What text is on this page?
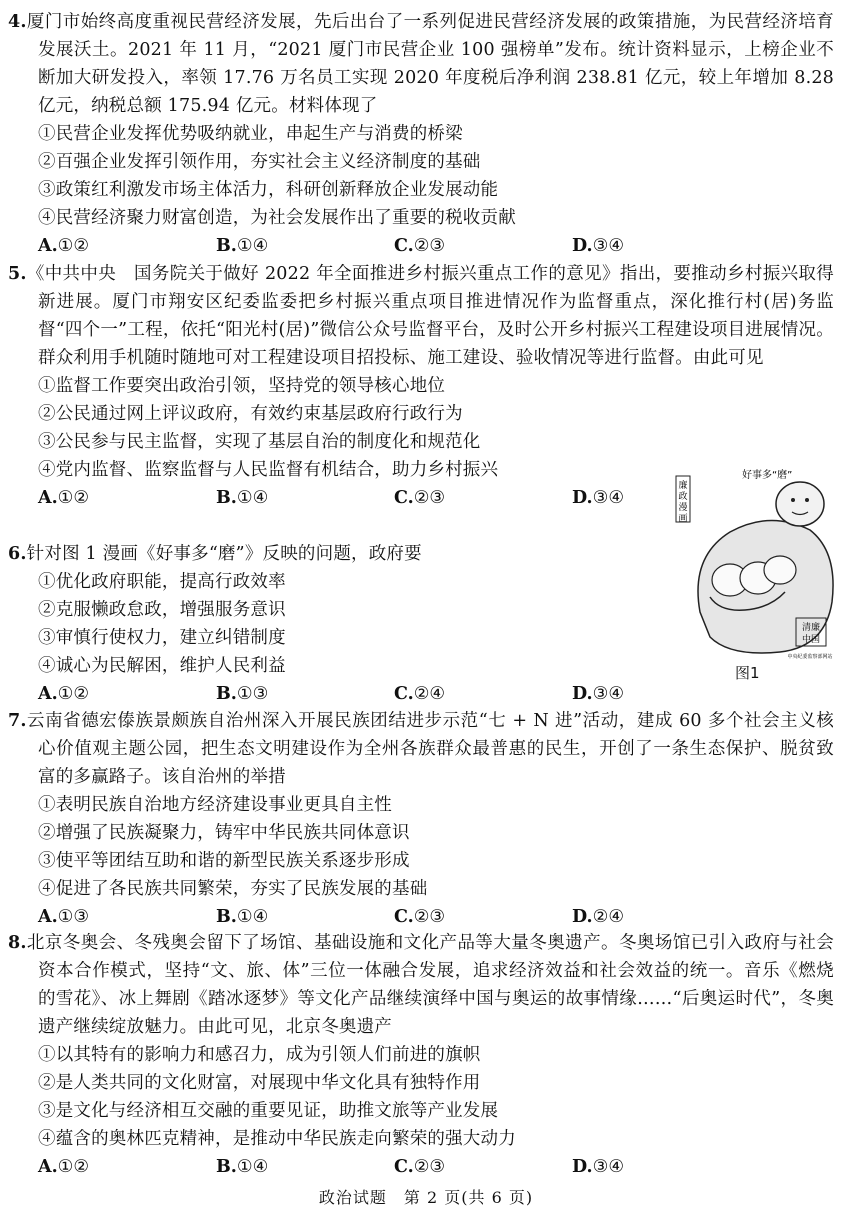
4.厦门市始终高度重视民营经济发展，先后出台了一系列促进民营经济发展的政策措施，为民营经济培育发展沃土。2021 年 11 月，“2021 厦门市民营企业 100 强榜单”发布。统计资料显示，上榜企业不断加大研发投入，率领 17.76 万名员工实现 2020 年度税后净利润 238.81 亿元，较上年增加 8.28 亿元，纳税总额 175.94 亿元。材料体现了

①民营企业发挥优势吸纳就业，串起生产与消费的桥梁

②百强企业发挥引领作用，夯实社会主义经济制度的基础

③政策红利激发市场主体活力，科研创新释放企业发展动能

④民营经济聚力财富创造，为社会发展作出了重要的税收贡献

A.①②	B.①④	C.②③	D.③④

5.《中共中央　国务院关于做好 2022 年全面推进乡村振兴重点工作的意见》指出，要推动乡村振兴取得新进展。厦门市翔安区纪委监委把乡村振兴重点项目推进情况作为监督重点，深化推行村(居)务监督“四个一”工程，依托“阳光村(居)”微信公众号监督平台，及时公开乡村振兴工程建设项目进展情况。群众利用手机随时随地可对工程建设项目招投标、施工建设、验收情况等进行监督。由此可见

①监督工作要突出政治引领，坚持党的领导核心地位

②公民通过网上评议政府，有效约束基层政府行政行为

③公民参与民主监督，实现了基层自治的制度化和规范化

④党内监督、监察监督与人民监督有机结合，助力乡村振兴

A.①②	B.①④	C.②③	D.③④

6.针对图 1 漫画《好事多“磨”》反映的问题，政府要

①优化政府职能，提高行政效率

②克服懒政怠政，增强服务意识

③审慎行使权力，建立纠错制度

④诚心为民解困，维护人民利益

A.①②	B.①③	C.②④	D.③④
廉
政
漫
画
好事多“磨”
清廉
中国
中央纪委监察部网站
图1

7.云南省德宏傣族景颇族自治州深入开展民族团结进步示范“七 + N 进”活动，建成 60 多个社会主义核心价值观主题公园，把生态文明建设作为全州各族群众最普惠的民生，开创了一条生态保护、脱贫致富的多赢路子。该自治州的举措

①表明民族自治地方经济建设事业更具自主性

②增强了民族凝聚力，铸牢中华民族共同体意识

③使平等团结互助和谐的新型民族关系逐步形成

④促进了各民族共同繁荣，夯实了民族发展的基础

A.①③	B.①④	C.②③	D.②④

8.北京冬奥会、冬残奥会留下了场馆、基础设施和文化产品等大量冬奥遗产。冬奥场馆已引入政府与社会资本合作模式，坚持“文、旅、体”三位一体融合发展，追求经济效益和社会效益的统一。音乐《燃烧的雪花》、冰上舞剧《踏冰逐梦》等文化产品继续演绎中国与奥运的故事情缘……“后奥运时代”，冬奥遗产继续绽放魅力。由此可见，北京冬奥遗产

①以其特有的影响力和感召力，成为引领人们前进的旗帜

②是人类共同的文化财富，对展现中华文化具有独特作用

③是文化与经济相互交融的重要见证，助推文旅等产业发展

④蕴含的奥林匹克精神，是推动中华民族走向繁荣的强大动力

A.①②	B.①④	C.②③	D.③④
政治试题　第 2 页(共 6 页)
